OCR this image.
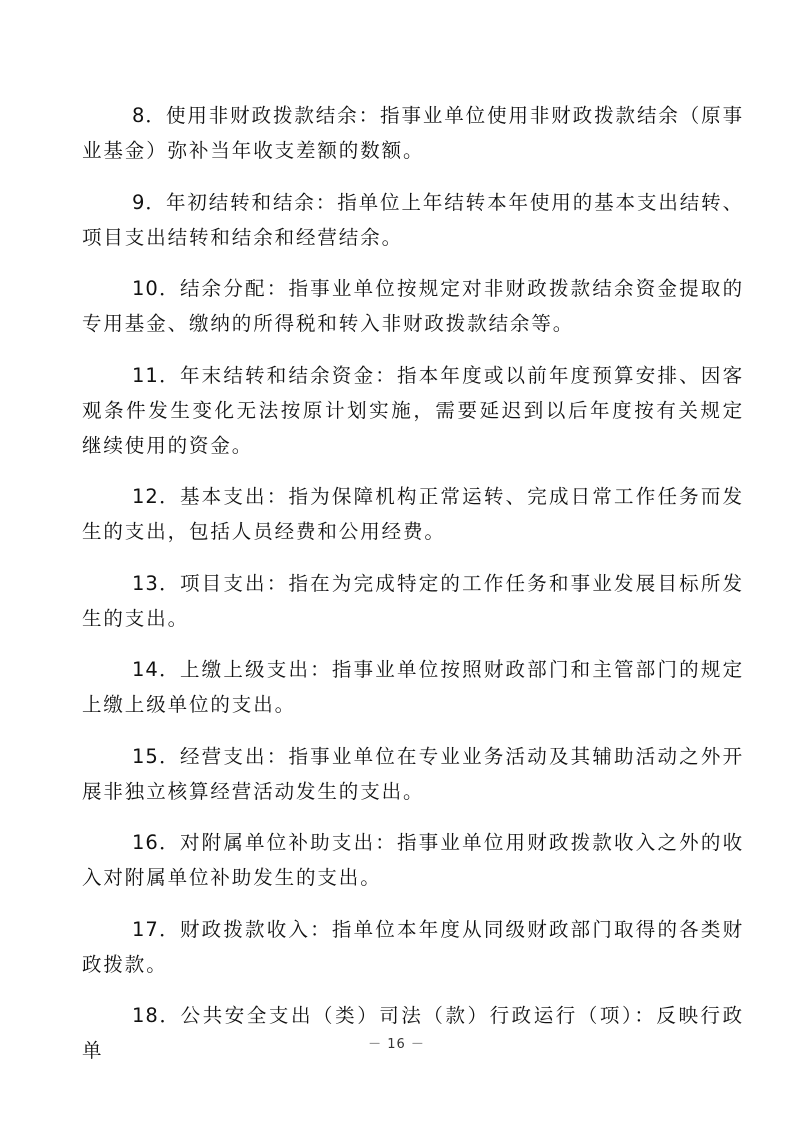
8．使用非财政拨款结余：指事业单位使用非财政拨款结余（原事业基金）弥补当年收支差额的数额。

9．年初结转和结余：指单位上年结转本年使用的基本支出结转、项目支出结转和结余和经营结余。

10．结余分配：指事业单位按规定对非财政拨款结余资金提取的专用基金、缴纳的所得税和转入非财政拨款结余等。

11．年末结转和结余资金：指本年度或以前年度预算安排、因客观条件发生变化无法按原计划实施，需要延迟到以后年度按有关规定继续使用的资金。

12．基本支出：指为保障机构正常运转、完成日常工作任务而发生的支出，包括人员经费和公用经费。

13．项目支出：指在为完成特定的工作任务和事业发展目标所发生的支出。

14．上缴上级支出：指事业单位按照财政部门和主管部门的规定上缴上级单位的支出。

15．经营支出：指事业单位在专业业务活动及其辅助活动之外开展非独立核算经营活动发生的支出。

16．对附属单位补助支出：指事业单位用财政拨款收入之外的收入对附属单位补助发生的支出。

17．财政拨款收入：指单位本年度从同级财政部门取得的各类财政拨款。

18．公共安全支出（类）司法（款）行政运行（项）：反映行政单	－ 16 －
